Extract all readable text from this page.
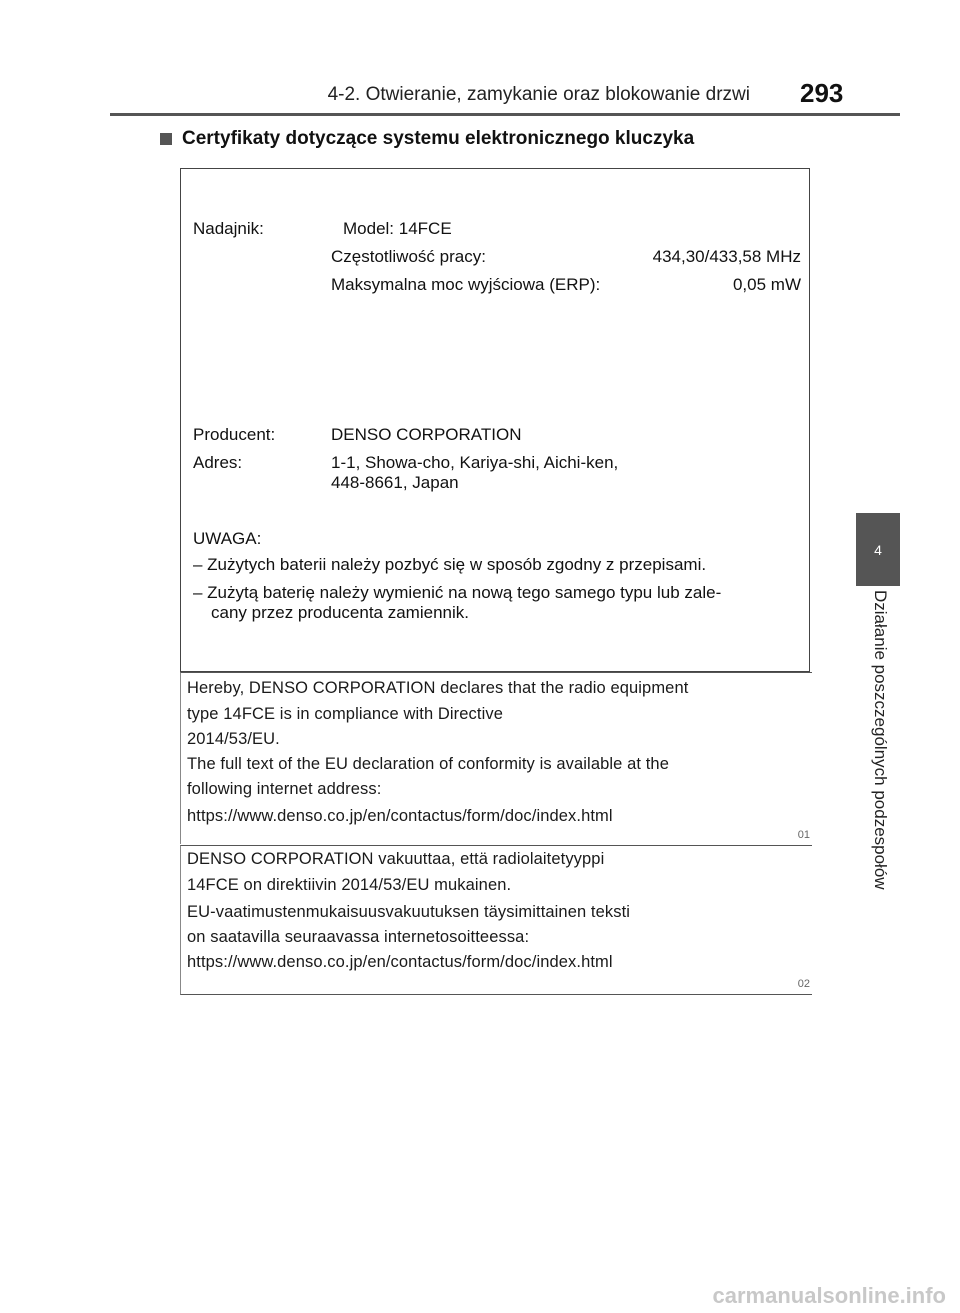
4-2. Otwieranie, zamykanie oraz blokowanie drzwi 293
Certyfikaty dotyczące systemu elektronicznego kluczyka
4
Działanie poszczególnych podzespołów
Nadajnik:	Model: 14FCE
Częstotliwość pracy:	434,30/433,58 MHz
Maksymalna moc wyjściowa (ERP):	0,05 mW
Producent:	DENSO CORPORATION
Adres:	1-1, Showa-cho, Kariya-shi, Aichi-ken,
448-8661, Japan
UWAGA:
– Zużytych baterii należy pozbyć się w sposób zgodny z przepisami.
– Zużytą baterię należy wymienić na nową tego samego typu lub zale-
cany przez producenta zamiennik.
Hereby, DENSO CORPORATION declares that the radio equipment
type 14FCE is in compliance with Directive
2014/53/EU.
The full text of the EU declaration of conformity is available at the
following internet address:
https://www.denso.co.jp/en/contactus/form/doc/index.html
01
DENSO CORPORATION vakuuttaa, että radiolaitetyyppi
14FCE on direktiivin 2014/53/EU mukainen.
EU-vaatimustenmukaisuusvakuutuksen täysimittainen teksti
on saatavilla seuraavassa internetosoitteessa:
https://www.denso.co.jp/en/contactus/form/doc/index.html
02
carmanualsonline.info
